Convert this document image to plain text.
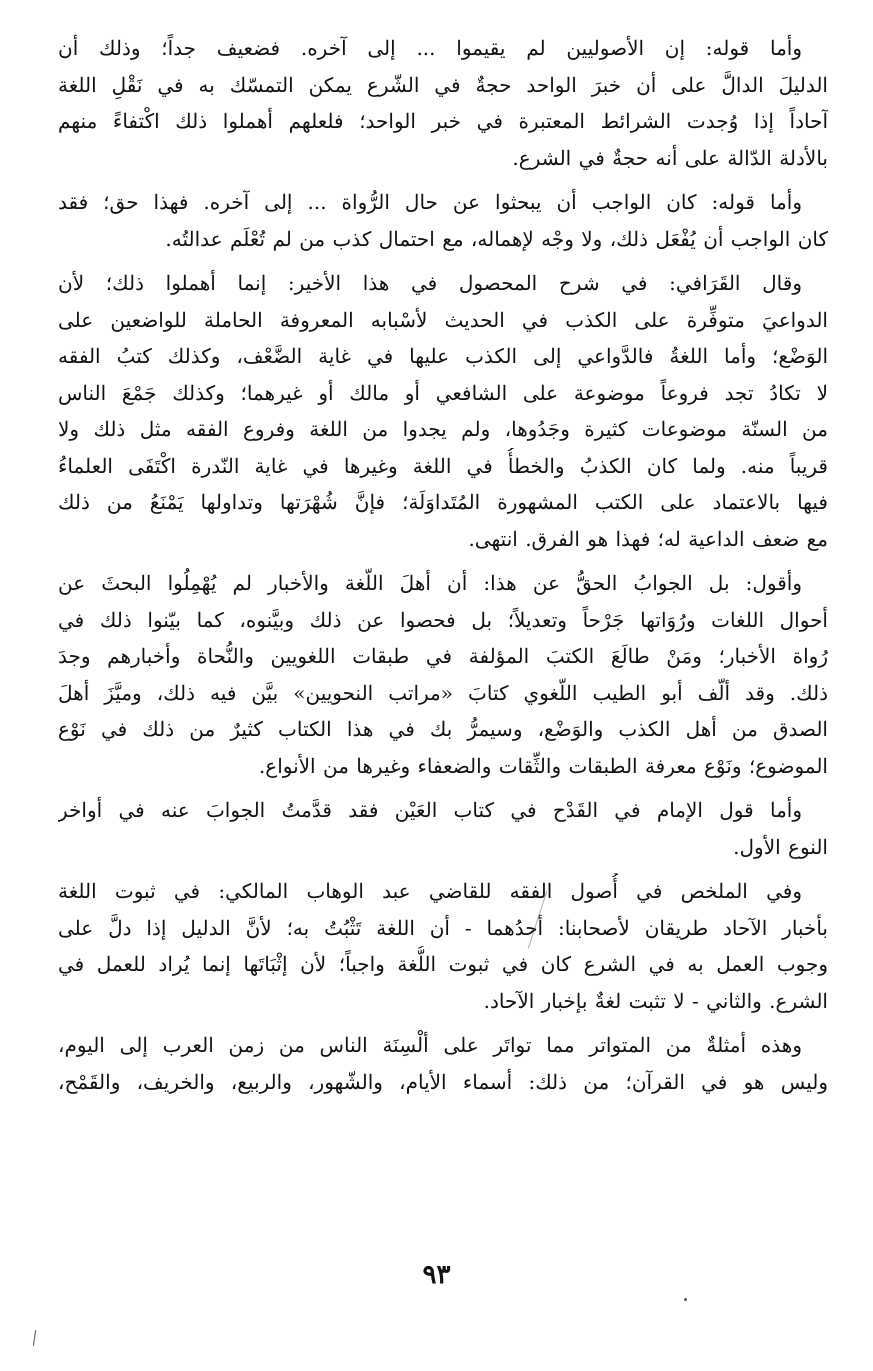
وأما قوله: إن الأصوليين لم يقيموا ... إلى آخره. فضعيف جداً؛ وذلك أن
الدليلَ الدالَّ على أن خبرَ الواحد حجةٌ في الشّرع يمكن التمسّك به في نَقْلِ اللغة
آحاداً إذا وُجدت الشرائط المعتبرة في خبر الواحد؛ فلعلهم أهملوا ذلك اكْتفاءً منهم
بالأدلة الدّالة على أنه حجةٌ في الشرع.
وأما قوله: كان الواجب أن يبحثوا عن حال الرُّواة ... إلى آخره. فهذا حق؛ فقد
كان الواجب أن يُفْعَل ذلك، ولا وجْه لإهماله، مع احتمال كذب من لم تُعْلَم عدالتُه.
وقال القَرَافي: في شرح المحصول في هذا الأخير: إنما أهملوا ذلك؛ لأن
الدواعيَ متوفِّرة على الكذب في الحديث لأسْبابه المعروفة الحاملة للواضعين على
الوَضْع؛ وأما اللغةُ فالدَّواعي إلى الكذب عليها في غاية الضَّعْف، وكذلك كتبُ الفقه
لا تكادُ تجد فروعاً موضوعة على الشافعي أو مالك أو غيرهما؛ وكذلك جَمْعَ الناس
من السنّة موضوعات كثيرة وجَدُوها، ولم يجدوا من اللغة وفروع الفقه مثل ذلك ولا
قريباً منه. ولما كان الكذبُ والخطأُ في اللغة وغيرها في غاية النّدرة اكْتَفَى العلماءُ
فيها بالاعتماد على الكتب المشهورة المُتَداوَلَة؛ فإنَّ شُهْرَتها وتداولها يَمْنَعُ من ذلك
مع ضعف الداعية له؛ فهذا هو الفرق. انتهى.
وأقول: بل الجوابُ الحقُّ عن هذا: أن أهلَ اللّغة والأخبار لم يُهْمِلُوا البحثَ عن
أحوال اللغات ورُوَاتها جَرْحاً وتعديلاً؛ بل فحصوا عن ذلك وبيَّنوه، كما بيّنوا ذلك في
رُواة الأخبار؛ ومَنْ طالَعَ الكتبَ المؤلفة في طبقات اللغويين والنُّحاة وأخبارهم وجدَ
ذلك. وقد ألّف أبو الطيب اللّغوي كتابَ «مراتب النحويين» بيَّن فيه ذلك، وميَّزَ أهلَ
الصدق من أهل الكذب والوَضْع، وسيمرُّ بك في هذا الكتاب كثيرٌ من ذلك في نَوْع
الموضوع؛ ونَوْع معرفة الطبقات والثِّقات والضعفاء وغيرها من الأنواع.
وأما قول الإمام في القَدْح في كتاب العَيْن فقد قدَّمتُ الجوابَ عنه في أواخر
النوع الأول.
وفي الملخص في أُصول الفقه للقاضي عبد الوهاب المالكي: في ثبوت اللغة
بأخبار الآحاد طريقان لأصحابنا: أحدُهما - أن اللغة تَثْبُتُ به؛ لأنَّ الدليل إذا دلَّ على
وجوب العمل به في الشرع كان في ثبوت اللُّغة واجباً؛ لأن إثْبَاتَها إنما يُراد للعمل في
الشرع. والثاني - لا تثبت لغةٌ بإخبار الآحاد.
وهذه أمثلةٌ من المتواتر مما تواتَر على ألْسِنَة الناس من زمن العرب إلى اليوم،
وليس هو في القرآن؛ من ذلك: أسماء الأيام، والشّهور، والربيع، والخريف، والقَمْح،
٩٣
